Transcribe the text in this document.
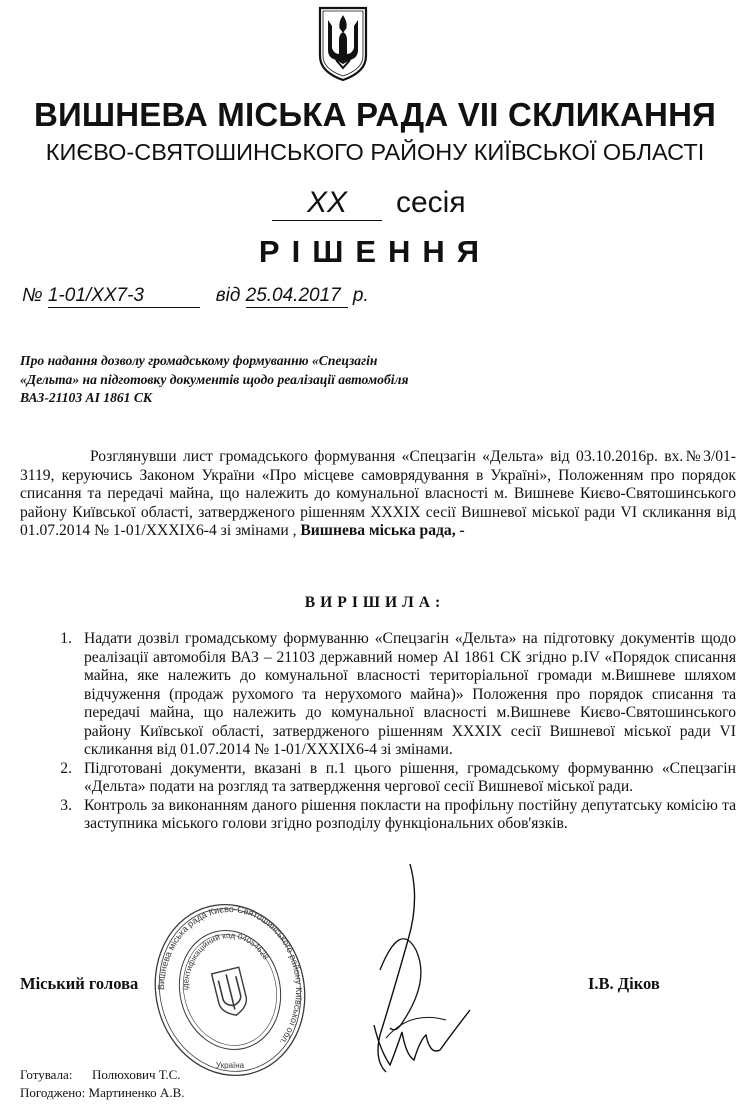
ВИШНЕВА МІСЬКА РАДА VII СКЛИКАННЯ
КИЄВО-СВЯТОШИНСЬКОГО РАЙОНУ КИЇВСЬКОЇ ОБЛАСТІ
XX сесія
РІШЕННЯ
№ 1-01/XX7-3	від 25.04.2017 р.
Про надання дозволу громадському формуванню «Спецзагін «Дельта» на підготовку документів щодо реалізації автомобіля ВАЗ-21103 АІ 1861 СК
Розглянувши лист громадського формування «Спецзагін «Дельта» від 03.10.2016р. вх.№3/01-3119, керуючись Законом України «Про місцеве самоврядування в Україні», Положенням про порядок списання та передачі майна, що належить до комунальної власності м. Вишневе Києво-Святошинського району Київської області, затвердженого рішенням ХХХІХ сесії Вишневої міської ради VI скликання від 01.07.2014 № 1-01/ХХХІХ6-4 зі змінами , Вишнева міська рада, -
ВИРІШИЛА:
1. Надати дозвіл громадському формуванню «Спецзагін «Дельта» на підготовку документів щодо реалізації автомобіля ВАЗ – 21103 державний номер АІ 1861 СК згідно р.IV «Порядок списання майна, яке належить до комунальної власності територіальної громади м.Вишневе шляхом відчуження (продаж рухомого та нерухомого майна)» Положення про порядок списання та передачі майна, що належить до комунальної власності м.Вишневе Києво-Святошинського району Київської області, затвердженого рішенням ХХХІХ сесії Вишневої міської ради VI скликання від 01.07.2014 № 1-01/ХХХІХ6-4 зі змінами.
2. Підготовані документи, вказані в п.1 цього рішення, громадському формуванню «Спецзагін «Дельта» подати на розгляд та затвердження чергової сесії Вишневої міської ради.
3. Контроль за виконанням даного рішення покласти на профільну постійну депутатську комісію та заступника міського голови згідно розподілу функціональних обов'язків.
Міський голова	І.В. Діков
Вишнева міська рада Києво-Святошинського району Київської обл.
ідентифікаційний код 04054628
Україна
Готувала: Полюхович Т.С.
Погоджено: Мартиненко А.В.
